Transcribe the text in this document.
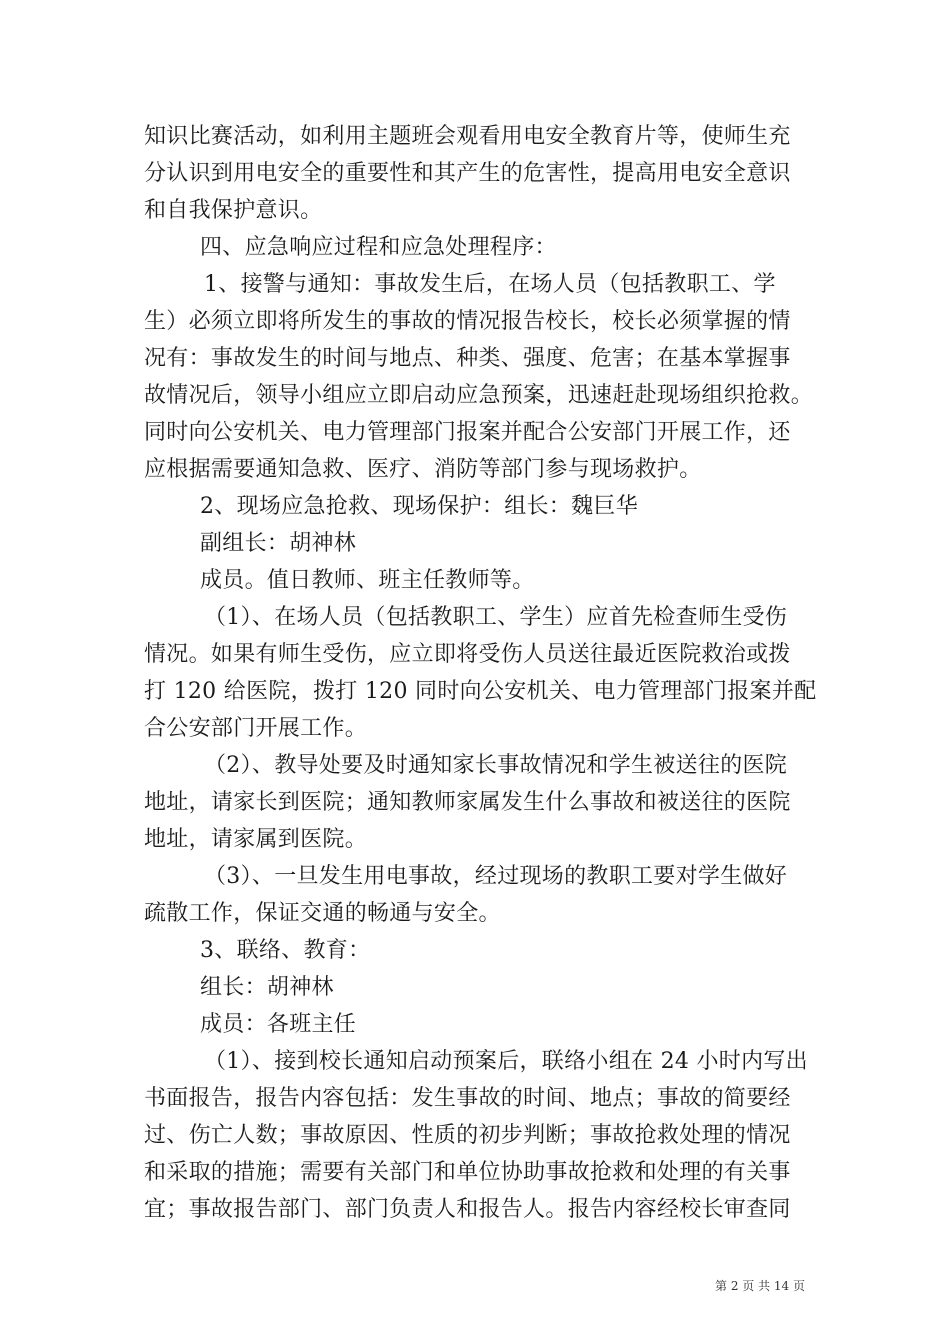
知识比赛活动，如利用主题班会观看用电安全教育片等，使师生充
分认识到用电安全的重要性和其产生的危害性，提高用电安全意识
和自我保护意识。
四、应急响应过程和应急处理程序：
1、接警与通知：事故发生后，在场人员（包括教职工、学
生）必须立即将所发生的事故的情况报告校长，校长必须掌握的情
况有：事故发生的时间与地点、种类、强度、危害；在基本掌握事
故情况后，领导小组应立即启动应急预案，迅速赶赴现场组织抢救。
同时向公安机关、电力管理部门报案并配合公安部门开展工作，还
应根据需要通知急救、医疗、消防等部门参与现场救护。
2、现场应急抢救、现场保护：组长：魏巨华
副组长：胡神林
成员。值日教师、班主任教师等。
（1）、在场人员（包括教职工、学生）应首先检查师生受伤
情况。如果有师生受伤，应立即将受伤人员送往最近医院救治或拨
打 120 给医院，拨打 120 同时向公安机关、电力管理部门报案并配
合公安部门开展工作。
（2）、教导处要及时通知家长事故情况和学生被送往的医院
地址，请家长到医院；通知教师家属发生什么事故和被送往的医院
地址，请家属到医院。
（3）、一旦发生用电事故，经过现场的教职工要对学生做好
疏散工作，保证交通的畅通与安全。
3、联络、教育：
组长：胡神林
成员：各班主任
（1）、接到校长通知启动预案后，联络小组在 24 小时内写出
书面报告，报告内容包括：发生事故的时间、地点；事故的简要经
过、伤亡人数；事故原因、性质的初步判断；事故抢救处理的情况
和采取的措施；需要有关部门和单位协助事故抢救和处理的有关事
宜；事故报告部门、部门负责人和报告人。报告内容经校长审查同
第 2 页 共 14 页
